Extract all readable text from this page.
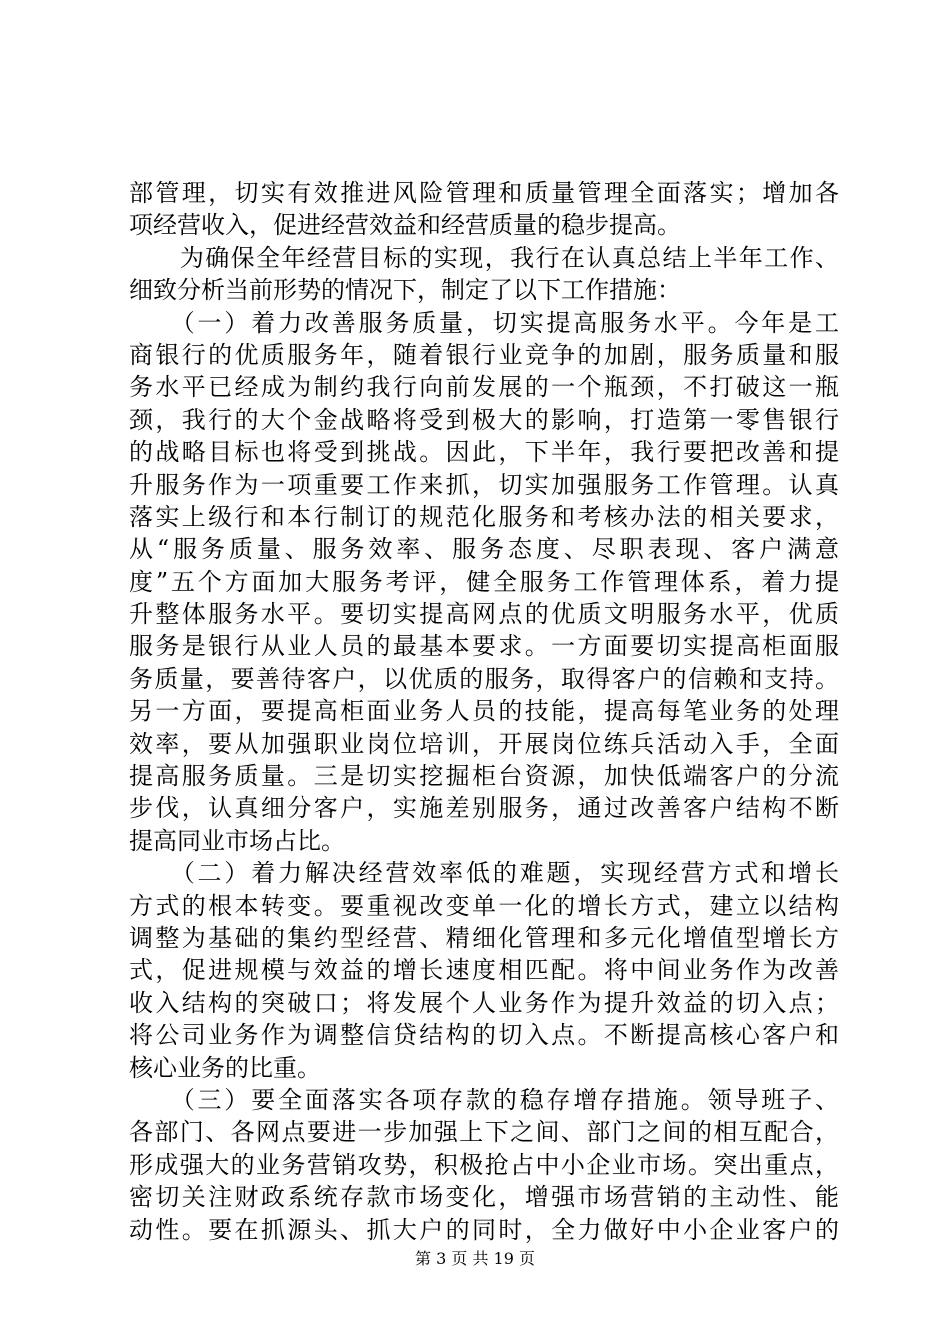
部管理，切实有效推进风险管理和质量管理全面落实；增加各
项经营收入，促进经营效益和经营质量的稳步提高。
　　为确保全年经营目标的实现，我行在认真总结上半年工作、
细致分析当前形势的情况下，制定了以下工作措施：
　　（一）着力改善服务质量，切实提高服务水平。今年是工
商银行的优质服务年，随着银行业竞争的加剧，服务质量和服
务水平已经成为制约我行向前发展的一个瓶颈，不打破这一瓶
颈，我行的大个金战略将受到极大的影响，打造第一零售银行
的战略目标也将受到挑战。因此，下半年，我行要把改善和提
升服务作为一项重要工作来抓，切实加强服务工作管理。认真
落实上级行和本行制订的规范化服务和考核办法的相关要求，
从“服务质量、服务效率、服务态度、尽职表现、客户满意
度”五个方面加大服务考评，健全服务工作管理体系，着力提
升整体服务水平。要切实提高网点的优质文明服务水平，优质
服务是银行从业人员的最基本要求。一方面要切实提高柜面服
务质量，要善待客户，以优质的服务，取得客户的信赖和支持。
另一方面，要提高柜面业务人员的技能，提高每笔业务的处理
效率，要从加强职业岗位培训，开展岗位练兵活动入手，全面
提高服务质量。三是切实挖掘柜台资源，加快低端客户的分流
步伐，认真细分客户，实施差别服务，通过改善客户结构不断
提高同业市场占比。
　　（二）着力解决经营效率低的难题，实现经营方式和增长
方式的根本转变。要重视改变单一化的增长方式，建立以结构
调整为基础的集约型经营、精细化管理和多元化增值型增长方
式，促进规模与效益的增长速度相匹配。将中间业务作为改善
收入结构的突破口；将发展个人业务作为提升效益的切入点；
将公司业务作为调整信贷结构的切入点。不断提高核心客户和
核心业务的比重。
　　（三）要全面落实各项存款的稳存增存措施。领导班子、
各部门、各网点要进一步加强上下之间、部门之间的相互配合，
形成强大的业务营销攻势，积极抢占中小企业市场。突出重点，
密切关注财政系统存款市场变化，增强市场营销的主动性、能
动性。要在抓源头、抓大户的同时，全力做好中小企业客户的
第 3 页 共 19 页
